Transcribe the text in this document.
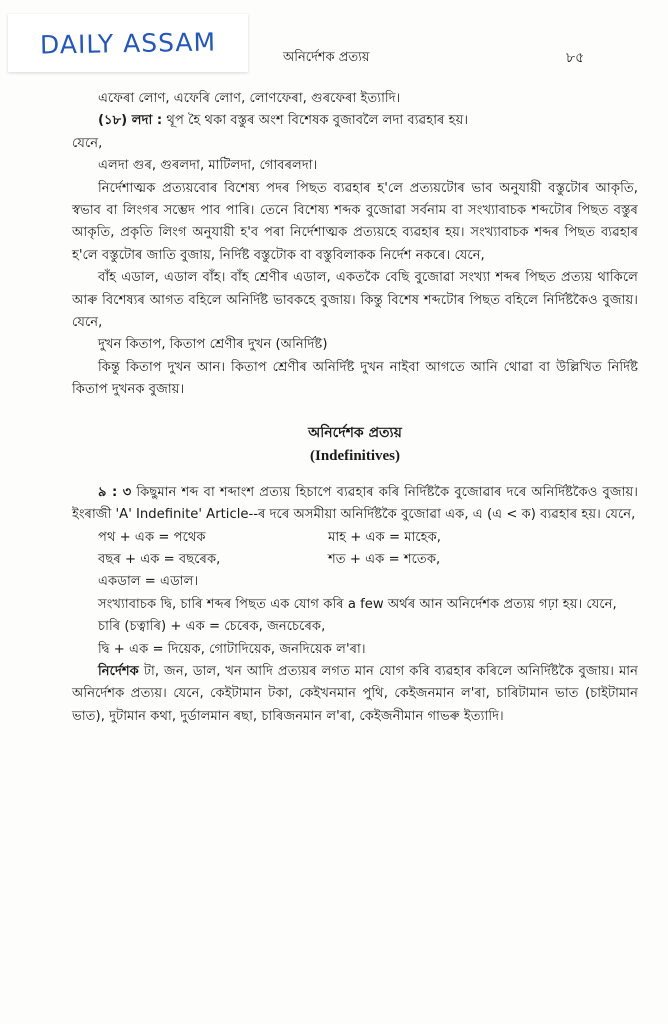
DAILY ASSAM	অনিৰ্দেশক প্ৰত্যয়	৮৫

এফেৰা লোণ, এফেৰি লোণ, লোণফেৰা, গুৰফেৰা ইত্যাদি।

(১৮) লদা : থূপ হৈ থকা বস্তুৰ অংশ বিশেষক বুজাবলৈ লদা ব্যৱহাৰ হয়।

যেনে,

এলদা গুৰ, গুৰলদা, মাটিলদা, গোবৰলদা।

নিৰ্দেশাত্মক প্ৰত্যয়বোৰ বিশেষ্য পদৰ পিছত ব্যৱহাৰ হ'লে প্ৰত্যয়টোৰ ভাব অনুযায়ী বস্তুটোৰ আকৃতি, স্বভাব বা লিংগৰ সম্ভেদ পাব পাৰি। তেনে বিশেষ্য শব্দক বুজোৱা সৰ্বনাম বা সংখ্যাবাচক শব্দটোৰ পিছত বস্তুৰ আকৃতি, প্ৰকৃতি লিংগ অনুযায়ী হ'ব পৰা নিৰ্দেশাত্মক প্ৰত্যয়হে ব্যৱহাৰ হয়। সংখ্যাবাচক শব্দৰ পিছত ব্যৱহাৰ হ'লে বস্তুটোৰ জাতি বুজায়, নিৰ্দিষ্ট বস্তুটোক বা বস্তুবিলাকক নিৰ্দেশ নকৰে। যেনে,

বাঁহ এডাল, এডাল বাঁহ। বাঁহ শ্ৰেণীৰ এডাল, একতকৈ বেছি বুজোৱা সংখ্যা শব্দৰ পিছত প্ৰত্যয় থাকিলে আৰু বিশেষ্যৰ আগত বহিলে অনিৰ্দিষ্ট ভাবকহে বুজায়। কিন্তু বিশেষ শব্দটোৰ পিছত বহিলে নিৰ্দিষ্টকৈও বুজায়। যেনে,

দুখন কিতাপ, কিতাপ শ্ৰেণীৰ দুখন (অনিৰ্দিষ্ট)

কিন্তু কিতাপ দুখন আন। কিতাপ শ্ৰেণীৰ অনিৰ্দিষ্ট দুখন নাইবা আগতে আনি থোৱা বা উল্লিখিত নিৰ্দিষ্ট কিতাপ দুখনক বুজায়।

অনিৰ্দেশক প্ৰত্যয়
(Indefinitives)

৯ : ৩ কিছুমান শব্দ বা শব্দাংশ প্ৰত্যয় হিচাপে ব্যৱহাৰ কৰি নিৰ্দিষ্টকৈ বুজোৱাৰ দৰে অনিৰ্দিষ্টকৈও বুজায়। ইংৰাজী 'A' Indefinite' Article--ৰ দৰে অসমীয়া অনিৰ্দিষ্টকৈ বুজোৱা এক, এ (এ < ক) ব্যৱহাৰ হয়। যেনে,

পথ + এক = পথেক	মাহ + এক = মাহেক,
বছৰ + এক = বছৰেক,	শত + এক = শতেক,
একডাল = এডাল।

সংখ্যাবাচক দ্বি, চাৰি শব্দৰ পিছত এক যোগ কৰি a few অৰ্থৰ আন অনিৰ্দেশক প্ৰত্যয় গঢ়া হয়। যেনে,

চাৰি (চত্বাৰি) + এক = চেৰেক, জনচেৰেক,

দ্বি + এক = দিয়েক, গোটাদিয়েক, জনদিয়েক ল'ৰা।

নিৰ্দেশক টা, জন, ডাল, খন আদি প্ৰত্যয়ৰ লগত মান যোগ কৰি ব্যৱহাৰ কৰিলে অনিৰ্দিষ্টকৈ বুজায়। মান অনিৰ্দেশক প্ৰত্যয়। যেনে, কেইটামান টকা, কেইখনমান পুথি, কেইজনমান ল'ৰা, চাৰিটামান ভাত (চাইটামান ভাত), দুটামান কথা, দুৰ্ডালমান ৰছা, চাৰিজনমান ল'ৰা, কেইজনীমান গাভৰু ইত্যাদি।
